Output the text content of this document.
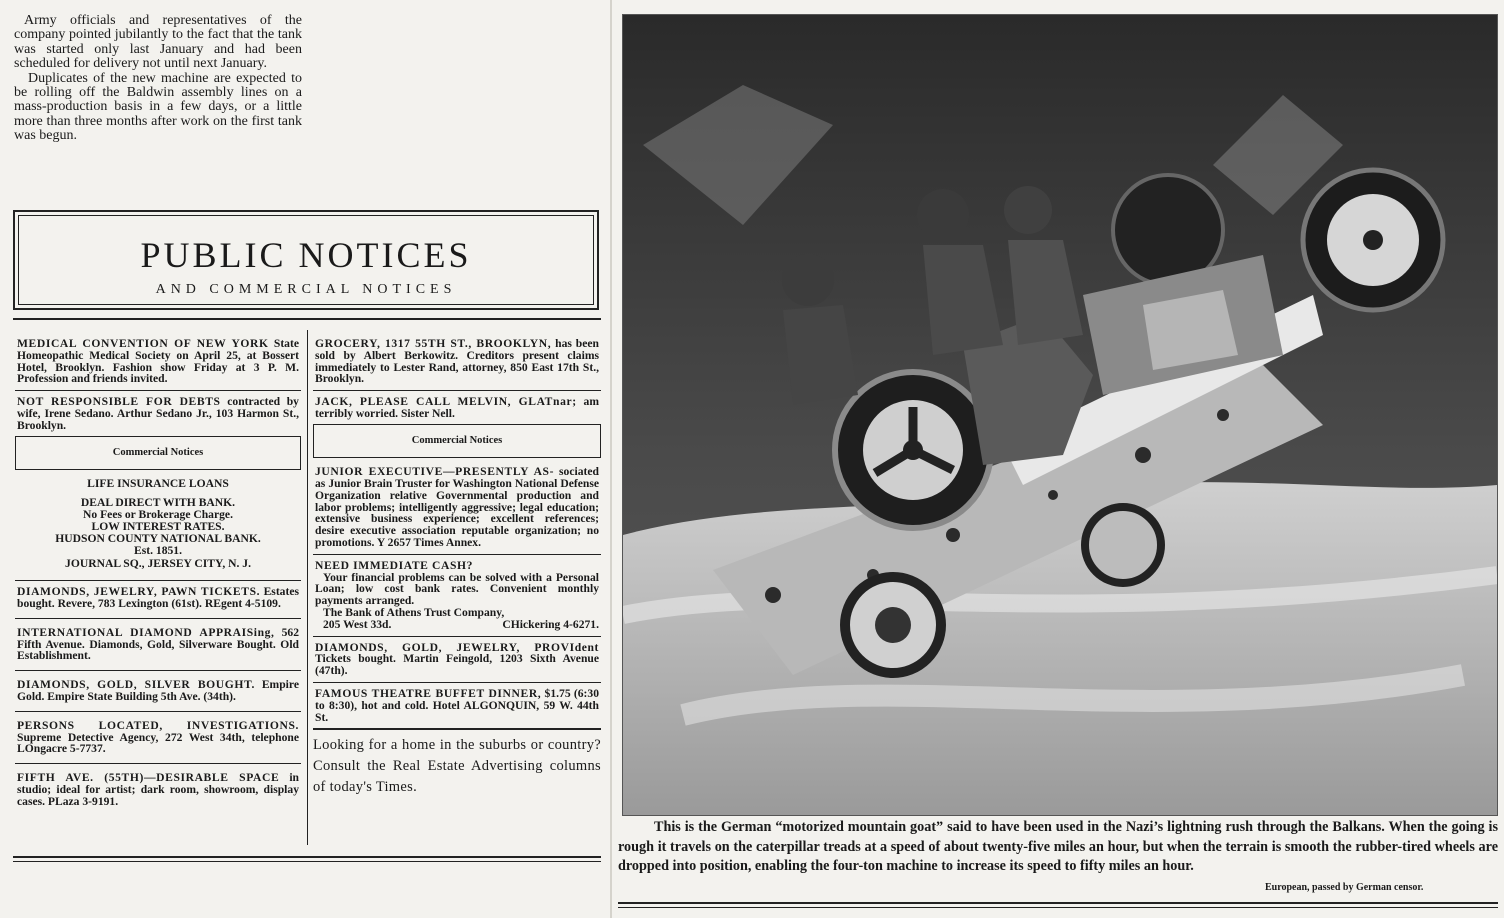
Army officials and representatives of the company pointed jubilantly to the fact that the tank was started only last January and had been scheduled for delivery not until next January.

Duplicates of the new machine are expected to be rolling off the Baldwin assembly lines on a mass-production basis in a few days, or a little more than three months after work on the first tank was begun.

PUBLIC NOTICES
AND COMMERCIAL NOTICES
MEDICAL CONVENTION OF NEW YORK State Homeopathic Medical Society on April 25, at Bossert Hotel, Brooklyn. Fashion show Friday at 3 P. M. Profession and friends invited.
NOT RESPONSIBLE FOR DEBTS contracted by wife, Irene Sedano. Arthur Sedano Jr., 103 Harmon St., Brooklyn.
Commercial Notices
LIFE INSURANCE LOANS
DEAL DIRECT WITH BANK.
No Fees or Brokerage Charge.
LOW INTEREST RATES.
HUDSON COUNTY NATIONAL BANK.
Est. 1851.
JOURNAL SQ., JERSEY CITY, N. J.
DIAMONDS, JEWELRY, PAWN TICKETS. Estates bought. Revere, 783 Lexington (61st). REgent 4-5109.
INTERNATIONAL DIAMOND APPRAISing, 562 Fifth Avenue. Diamonds, Gold, Silverware Bought. Old Establishment.
DIAMONDS, GOLD, SILVER BOUGHT. Empire Gold. Empire State Building 5th Ave. (34th).
PERSONS LOCATED, INVESTIGATIONS. Supreme Detective Agency, 272 West 34th, telephone LOngacre 5-7737.
FIFTH AVE. (55TH)—DESIRABLE SPACE in studio; ideal for artist; dark room, showroom, display cases. PLaza 3-9191.
GROCERY, 1317 55TH ST., BROOKLYN, has been sold by Albert Berkowitz. Creditors present claims immediately to Lester Rand, attorney, 850 East 17th St., Brooklyn.
JACK, PLEASE CALL MELVIN, GLATnar; am terribly worried. Sister Nell.
Commercial Notices
JUNIOR EXECUTIVE—PRESENTLY AS- sociated as Junior Brain Truster for Washington National Defense Organization relative Governmental production and labor problems; intelligently aggressive; legal education; extensive business experience; excellent references; desire executive association reputable organization; no promotions. Y 2657 Times Annex.
NEED IMMEDIATE CASH?
Your financial problems can be solved with a Personal Loan; low cost bank rates. Convenient monthly payments arranged.
The Bank of Athens Trust Company,
205 West 33d.	CHickering 4-6271.
DIAMONDS, GOLD, JEWELRY, PROVIdent Tickets bought. Martin Feingold, 1203 Sixth Avenue (47th).
FAMOUS THEATRE BUFFET DINNER, $1.75 (6:30 to 8:30), hot and cold. Hotel ALGONQUIN, 59 W. 44th St.

Looking for a home in the suburbs or country? Consult the Real Estate Advertising columns of today's Times.

This is the German “motorized mountain goat” said to have been used in the Nazi’s lightning rush through the Balkans. When the going is rough it travels on the caterpillar treads at a speed of about twenty-five miles an hour, but when the terrain is smooth the rubber-tired wheels are dropped into position, enabling the four-ton machine to increase its speed to fifty miles an hour.

European, passed by German censor.
